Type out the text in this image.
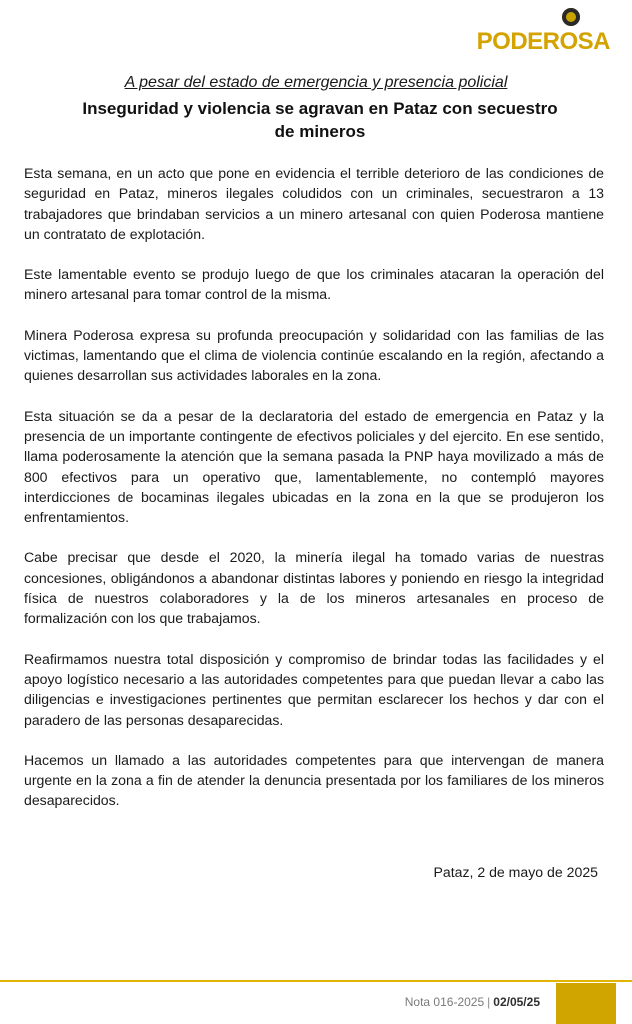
PODEROSA
A pesar del estado de emergencia y presencia policial
Inseguridad y violencia se agravan en Pataz con secuestro de mineros

Esta semana, en un acto que pone en evidencia el terrible deterioro de las condiciones de seguridad en Pataz, mineros ilegales coludidos con un criminales, secuestraron a 13 trabajadores que brindaban servicios a un minero artesanal con quien Poderosa mantiene un contratato de explotación.

Este lamentable evento se produjo luego de que los criminales atacaran la operación del minero artesanal para tomar control de la misma.

Minera Poderosa expresa su profunda preocupación y solidaridad con las familias de las victimas, lamentando que el clima de violencia continúe escalando en la región, afectando a quienes desarrollan sus actividades laborales en la zona.

Esta situación se da a pesar de la declaratoria del estado de emergencia en Pataz y la presencia de un importante contingente de efectivos policiales y del ejercito. En ese sentido, llama poderosamente la atención que la semana pasada la PNP haya movilizado a más de 800 efectivos para un operativo que, lamentablemente, no contempló mayores interdicciones de bocaminas ilegales ubicadas en la zona en la que se produjeron los enfrentamientos.

Cabe precisar que desde el 2020, la minería ilegal ha tomado varias de nuestras concesiones, obligándonos a abandonar distintas labores y poniendo en riesgo la integridad física de nuestros colaboradores y la de los mineros artesanales en proceso de formalización con los que trabajamos.

Reafirmamos nuestra total disposición y compromiso de brindar todas las facilidades y el apoyo logístico necesario a las autoridades competentes para que puedan llevar a cabo las diligencias e investigaciones pertinentes que permitan esclarecer los hechos y dar con el paradero de las personas desaparecidas.

Hacemos un llamado a las autoridades competentes para que intervengan de manera urgente en la zona a fin de atender la denuncia presentada por los familiares de los mineros desaparecidos.

Pataz, 2 de mayo de 2025
Nota 016-2025 | 02/05/25
